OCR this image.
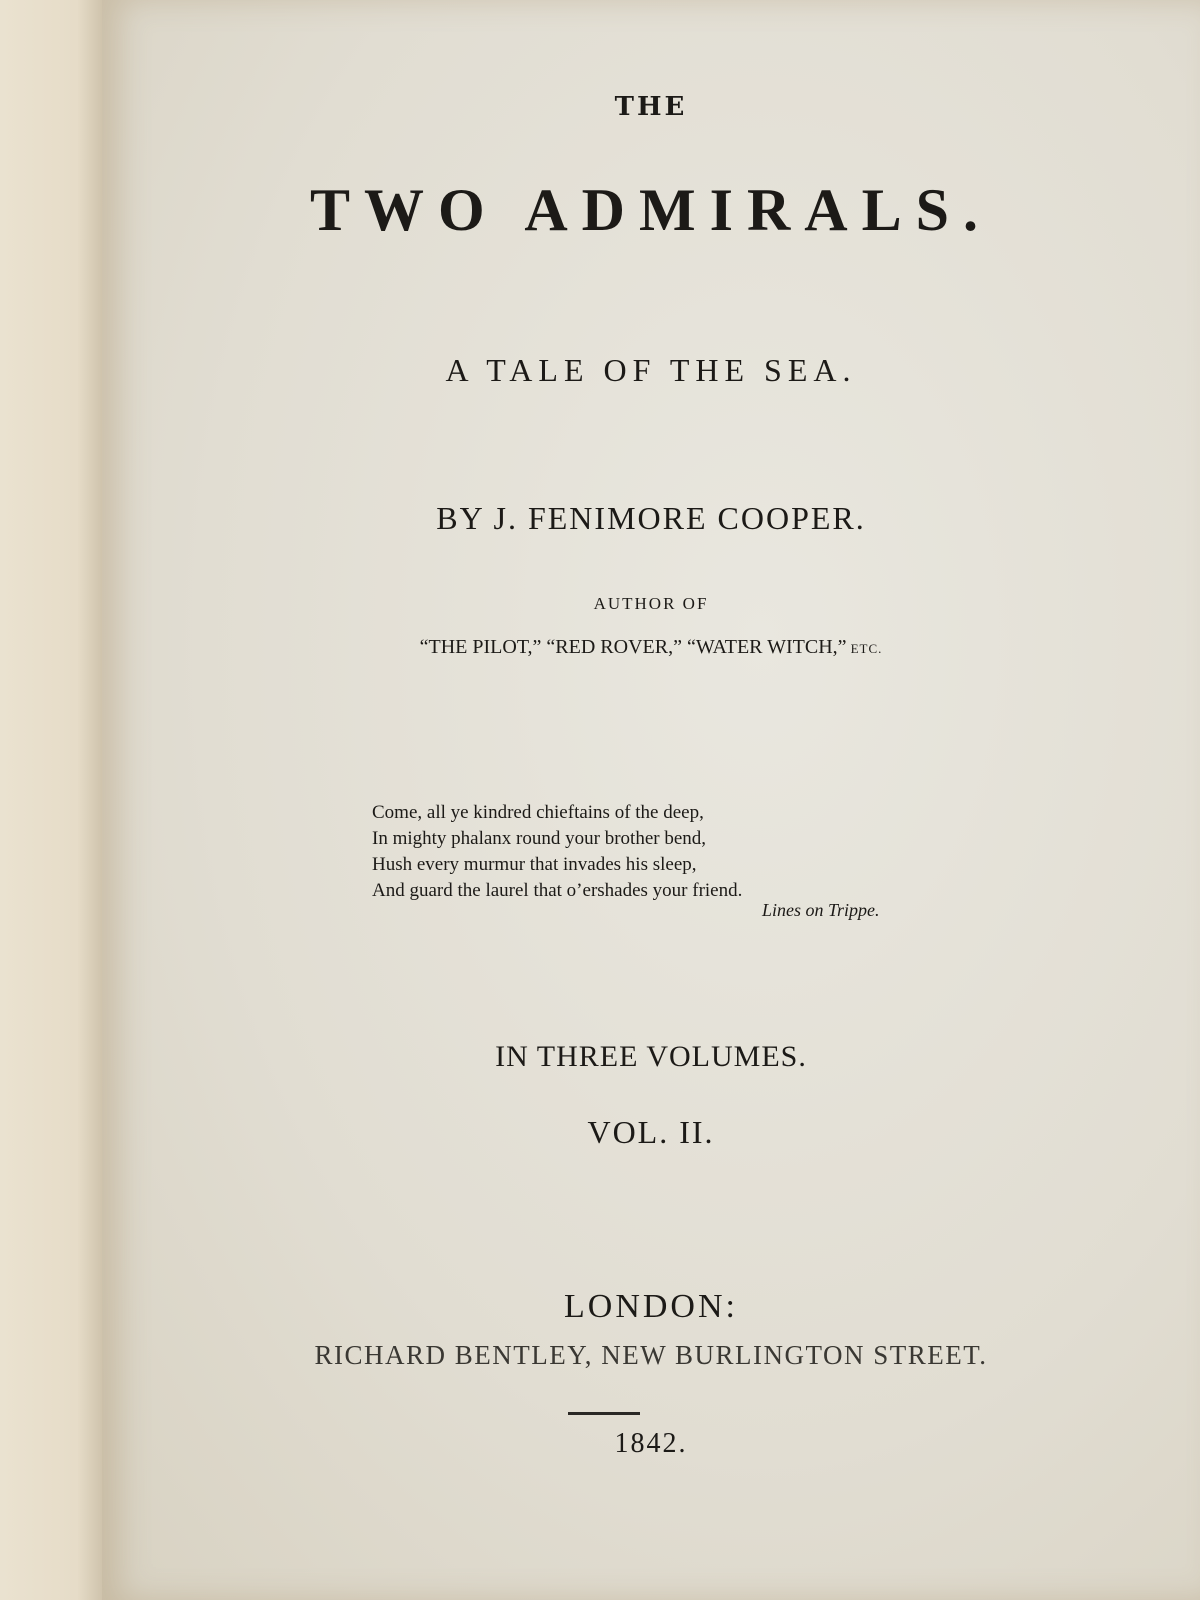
THE
TWO ADMIRALS.
A TALE OF THE SEA.
BY J. FENIMORE COOPER.
AUTHOR OF
“THE PILOT,” “RED ROVER,” “WATER WITCH,” ETC.
Come, all ye kindred chieftains of the deep,
In mighty phalanx round your brother bend,
Hush every murmur that invades his sleep,
And guard the laurel that o’ershades your friend.
Lines on Trippe.
IN THREE VOLUMES.
VOL. II.
LONDON:
RICHARD BENTLEY, NEW BURLINGTON STREET.
1842.
